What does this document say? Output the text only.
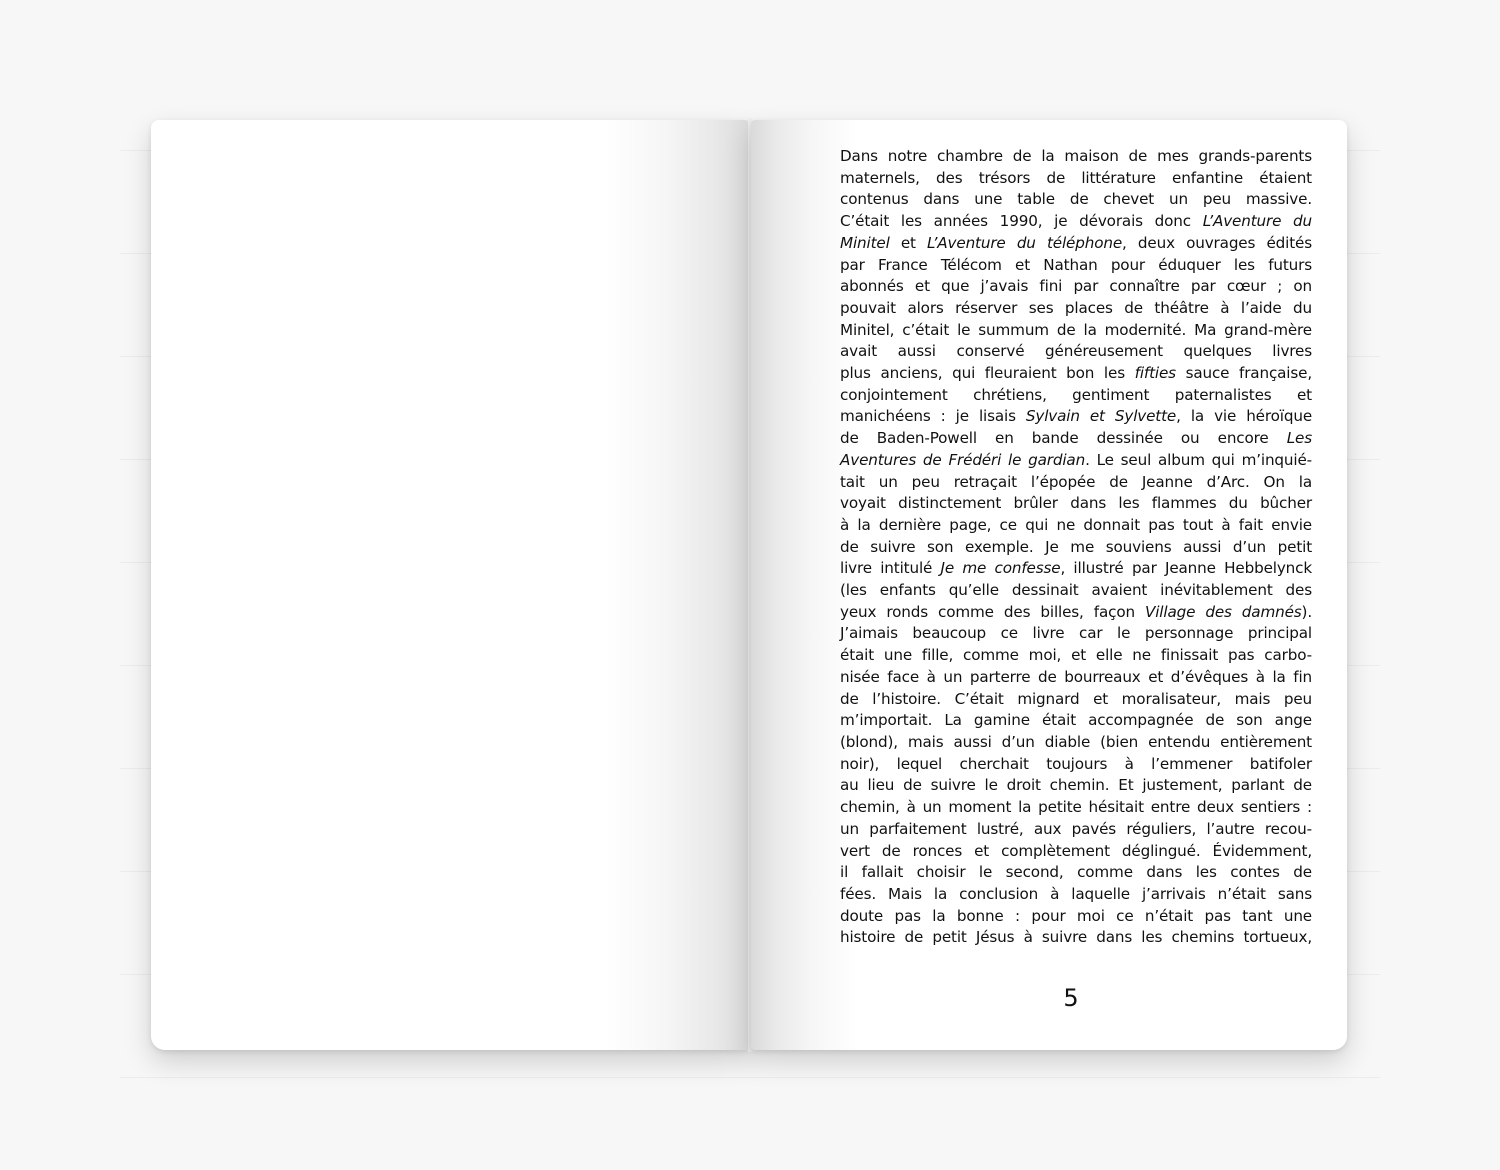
Dans notre chambre de la maison de mes grands-parents
maternels, des trésors de littérature enfantine étaient
contenus dans une table de chevet un peu massive.
C’était les années 1990, je dévorais donc L’Aventure du
Minitel et L’Aventure du téléphone, deux ouvrages édités
par France Télécom et Nathan pour éduquer les futurs
abonnés et que j’avais fini par connaître par cœur ; on
pouvait alors réserver ses places de théâtre à l’aide du
Minitel, c’était le summum de la modernité. Ma grand-mère
avait aussi conservé généreusement quelques livres
plus anciens, qui fleuraient bon les fifties sauce française,
conjointement chrétiens, gentiment paternalistes et
manichéens : je lisais Sylvain et Sylvette, la vie héroïque
de Baden-Powell en bande dessinée ou encore Les
Aventures de Frédéri le gardian. Le seul album qui m’inquié-
tait un peu retraçait l’épopée de Jeanne d’Arc. On la
voyait distinctement brûler dans les flammes du bûcher
à la dernière page, ce qui ne donnait pas tout à fait envie
de suivre son exemple. Je me souviens aussi d’un petit
livre intitulé Je me confesse, illustré par Jeanne Hebbelynck
(les enfants qu’elle dessinait avaient inévitablement des
yeux ronds comme des billes, façon Village des damnés).
J’aimais beaucoup ce livre car le personnage principal
était une fille, comme moi, et elle ne finissait pas carbo-
nisée face à un parterre de bourreaux et d’évêques à la fin
de l’histoire. C’était mignard et moralisateur, mais peu
m’importait. La gamine était accompagnée de son ange
(blond), mais aussi d’un diable (bien entendu entièrement
noir), lequel cherchait toujours à l’emmener batifoler
au lieu de suivre le droit chemin. Et justement, parlant de
chemin, à un moment la petite hésitait entre deux sentiers :
un parfaitement lustré, aux pavés réguliers, l’autre recou-
vert de ronces et complètement déglingué. Évidemment,
il fallait choisir le second, comme dans les contes de
fées. Mais la conclusion à laquelle j’arrivais n’était sans
doute pas la bonne : pour moi ce n’était pas tant une
histoire de petit Jésus à suivre dans les chemins tortueux,
5
